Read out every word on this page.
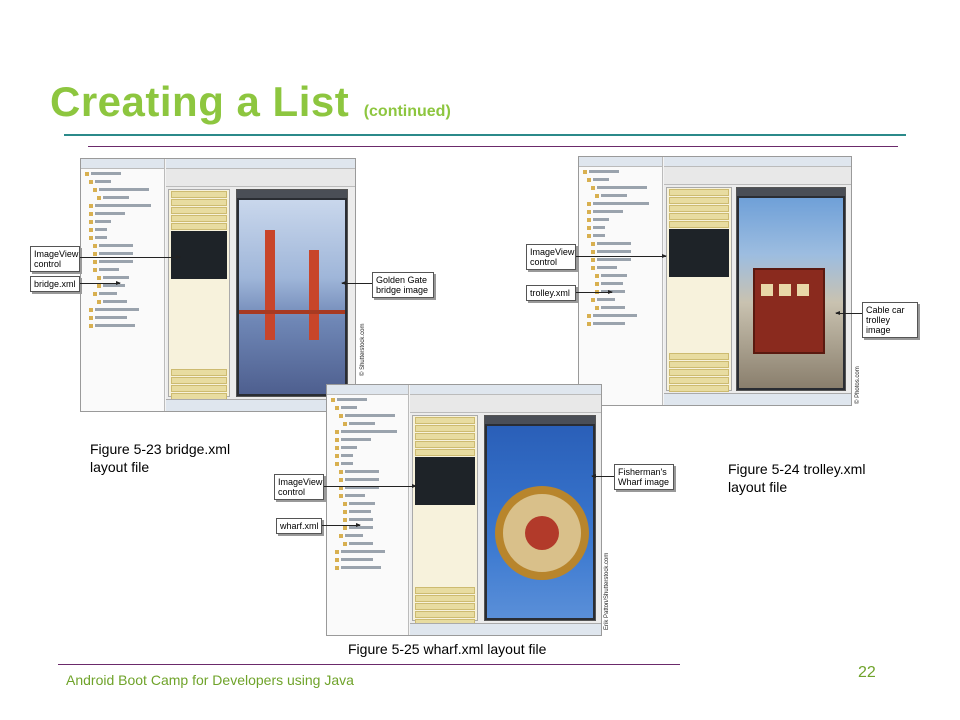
Creating a List (continued)
ImageView
control
bridge.xml	Golden Gate
bridge image
© Shutterstock.com
ImageView
control
trolley.xml
Cable car
trolley image
© Photos.com
ImageView
control
wharf.xml
Fisherman's
Wharf image
Erik Patton/Shutterstock.com
Figure 5-23 bridge.xml
layout file	Figure 5-24 trolley.xml
layout file
Figure 5-25 wharf.xml layout file
Android Boot Camp for Developers using Java	22
